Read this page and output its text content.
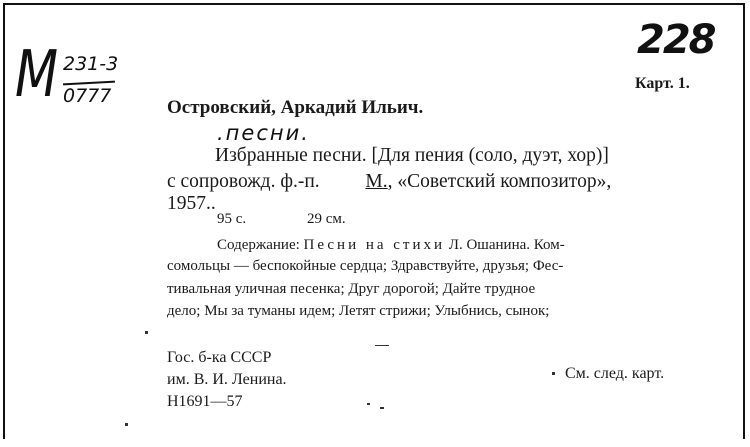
М 231-3
0777
228
Карт. 1.
Островский, Аркадий Ильич.
.песни.
Избранные песни. [Для пения (соло, дуэт, хор)]
с сопровожд. ф.-п. М., «Советский композитор»,
1957..
95 с.	29 см.
Содержание: Песни на стихи Л. Ошанина. Ком-
сомольцы — беспокойные сердца; Здравствуйте, друзья; Фес-
тивальная уличная песенка; Друг дорогой; Дайте трудное
дело; Мы за туманы идем; Летят стрижи; Улыбнись, сынок;
Гос. б-ка СССР
им. В. И. Ленина.
Н1691—57
См. след. карт.
